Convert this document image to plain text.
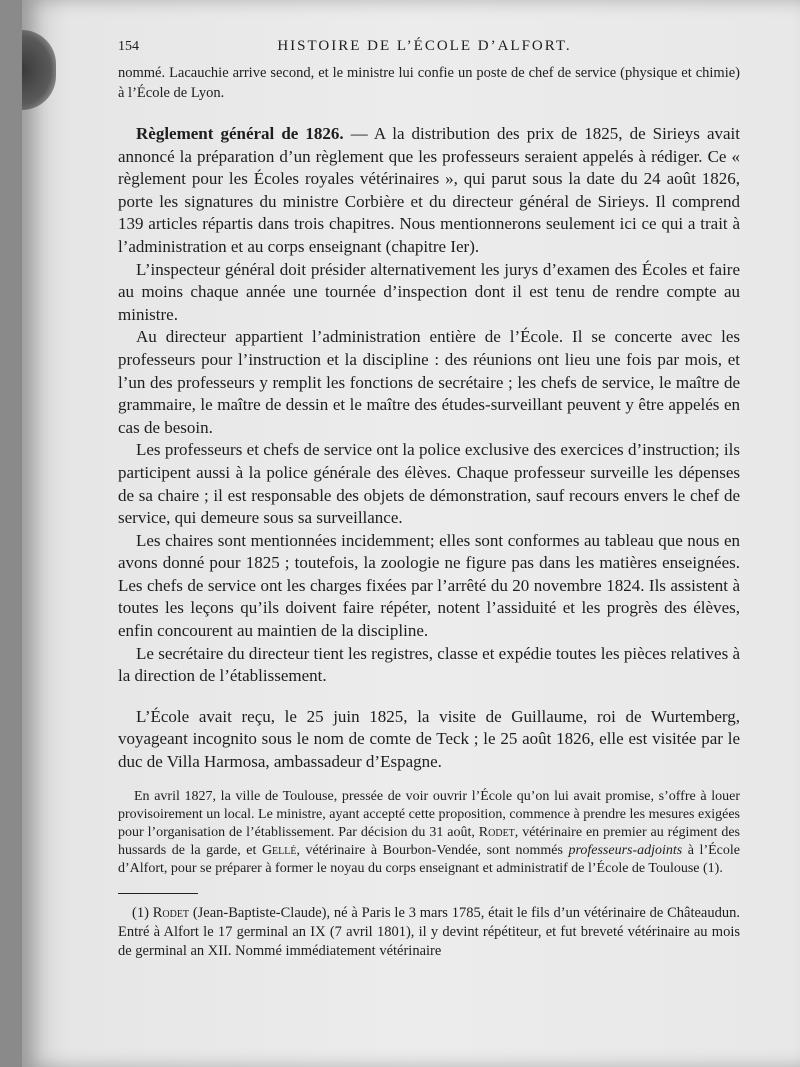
154	HISTOIRE DE L’ÉCOLE D’ALFORT.

nommé. Lacauchie arrive second, et le ministre lui confie un poste de chef de service (physique et chimie) à l’École de Lyon.

Règlement général de 1826. — A la distribution des prix de 1825, de Sirieys avait annoncé la préparation d’un règlement que les professeurs seraient appelés à rédiger. Ce « règlement pour les Écoles royales vétérinaires », qui parut sous la date du 24 août 1826, porte les signatures du ministre Corbière et du directeur général de Sirieys. Il comprend 139 articles répartis dans trois chapitres. Nous mentionnerons seulement ici ce qui a trait à l’administration et au corps enseignant (chapitre Ier).

L’inspecteur général doit présider alternativement les jurys d’examen des Écoles et faire au moins chaque année une tournée d’inspection dont il est tenu de rendre compte au ministre.

Au directeur appartient l’administration entière de l’École. Il se concerte avec les professeurs pour l’instruction et la discipline : des réunions ont lieu une fois par mois, et l’un des professeurs y remplit les fonctions de secrétaire ; les chefs de service, le maître de grammaire, le maître de dessin et le maître des études-surveillant peuvent y être appelés en cas de besoin.

Les professeurs et chefs de service ont la police exclusive des exercices d’instruction; ils participent aussi à la police générale des élèves. Chaque professeur surveille les dépenses de sa chaire ; il est responsable des objets de démonstration, sauf recours envers le chef de service, qui demeure sous sa surveillance.

Les chaires sont mentionnées incidemment; elles sont conformes au tableau que nous en avons donné pour 1825 ; toutefois, la zoologie ne figure pas dans les matières enseignées. Les chefs de service ont les charges fixées par l’arrêté du 20 novembre 1824. Ils assistent à toutes les leçons qu’ils doivent faire répéter, notent l’assiduité et les progrès des élèves, enfin concourent au maintien de la discipline.

Le secrétaire du directeur tient les registres, classe et expédie toutes les pièces relatives à la direction de l’établissement.

L’École avait reçu, le 25 juin 1825, la visite de Guillaume, roi de Wurtemberg, voyageant incognito sous le nom de comte de Teck ; le 25 août 1826, elle est visitée par le duc de Villa Harmosa, ambassadeur d’Espagne.

En avril 1827, la ville de Toulouse, pressée de voir ouvrir l’École qu’on lui avait promise, s’offre à louer provisoirement un local. Le ministre, ayant accepté cette proposition, commence à prendre les mesures exigées pour l’organisation de l’établissement. Par décision du 31 août, Rodet, vétérinaire en premier au régiment des hussards de la garde, et Gellé, vétérinaire à Bourbon-Vendée, sont nommés professeurs-adjoints à l’École d’Alfort, pour se préparer à former le noyau du corps enseignant et administratif de l’École de Toulouse (1).

(1) Rodet (Jean-Baptiste-Claude), né à Paris le 3 mars 1785, était le fils d’un vétérinaire de Châteaudun. Entré à Alfort le 17 germinal an IX (7 avril 1801), il y devint répétiteur, et fut breveté vétérinaire au mois de germinal an XII. Nommé immédiatement vétérinaire
